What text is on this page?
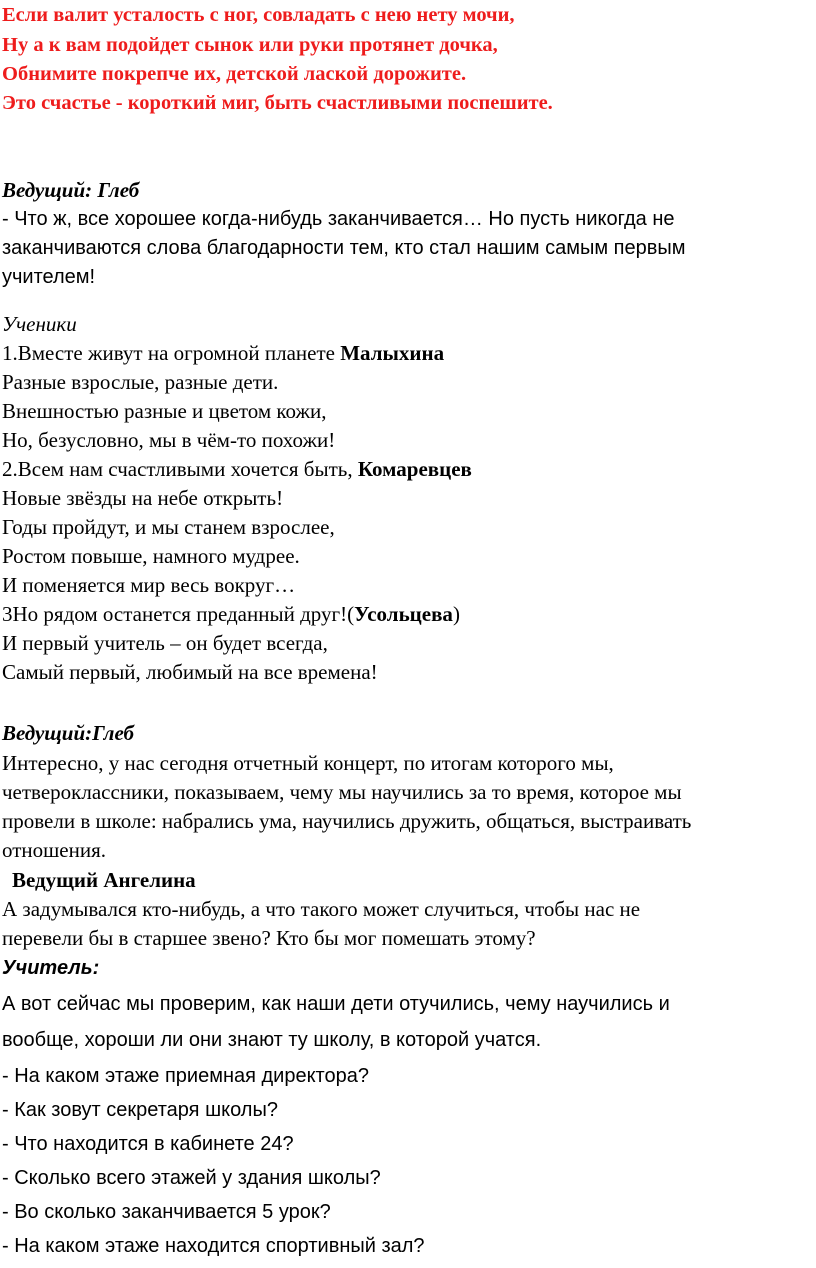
Если валит усталость с ног, совладать с нею нету мочи,
Ну а к вам подойдет сынок или руки протянет дочка,
Обнимите покрепче их, детской лаской дорожите.
Это счастье - короткий миг, быть счастливыми поспешите.
Ведущий: Глеб
- Что ж, все хорошее когда-нибудь заканчивается… Но пусть никогда не
заканчиваются слова благодарности тем, кто стал нашим самым первым
учителем!
Ученики
1.Вместе живут на огромной планете Малыхина
Разные взрослые, разные дети.
Внешностью разные и цветом кожи,
Но, безусловно, мы в чём-то похожи!
2.Всем нам счастливыми хочется быть, Комаревцев
Новые звёзды на небе открыть!
Годы пройдут, и мы станем взрослее,
Ростом повыше, намного мудрее.
И поменяется мир весь вокруг…
3Но рядом останется преданный друг!(Усольцева)
И первый учитель – он будет всегда,
Самый первый, любимый на все времена!
Ведущий:Глеб
Интересно, у нас сегодня отчетный концерт, по итогам которого мы,
четвероклассники, показываем, чему мы научились за то время, которое мы
провели в школе: набрались ума, научились дружить, общаться, выстраивать
отношения.
Ведущий Ангелина
А задумывался кто-нибудь, а что такого может случиться, чтобы нас не
перевели бы в старшее звено? Кто бы мог помешать этому?
Учитель:
А вот сейчас мы проверим, как наши дети отучились, чему научились и
вообще, хороши ли они знают ту школу, в которой учатся.
- На каком этаже приемная директора?
- Как зовут секретаря школы?
- Что находится в кабинете 24?
- Сколько всего этажей у здания школы?
- Во сколько заканчивается 5 урок?
- На каком этаже находится спортивный зал?
